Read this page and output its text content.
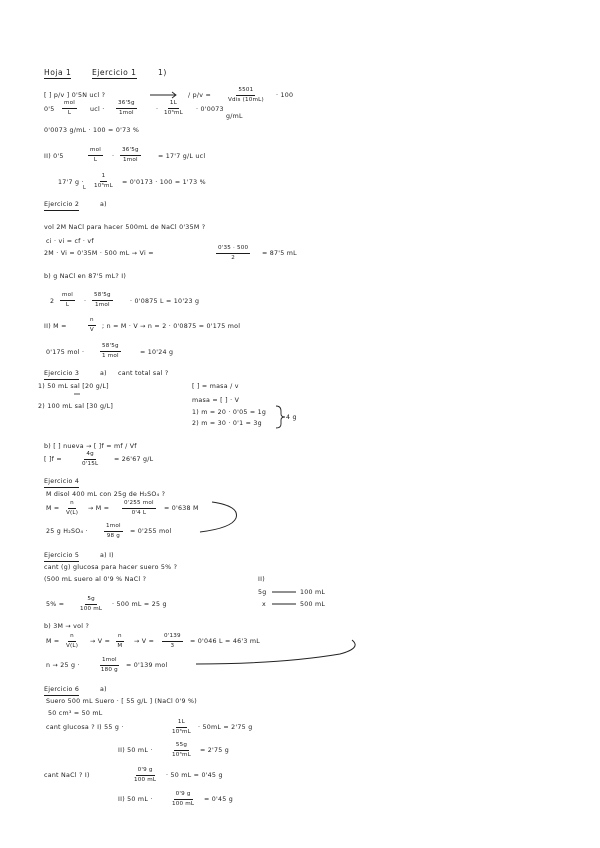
Hoja 1	Ejercicio 1	1)
[ ] p/v ] 0'5N ucl ?	/ p/v =
5501
Vdis (10mL)
· 100
0'5
mol
L	ucl ·
36'5g
1mol	·
1L
10³mL · 0'0073
g/mL
0'0073 g/mL · 100 = 0'73 %
II) 0'5
mol
L ·
36'5g
1mol	= 17'7 g/L ucl
17'7 g ·
1
10³mL
L
= 0'0173 · 100 = 1'73 %
Ejercicio 2	a)
vol 2M NaCl para hacer 500mL de NaCl 0'35M ?
ci · vi = cf · vf
2M · Vi = 0'35M · 500 mL → Vi =
0'35 · 500
2
= 87'5 mL
b) g NaCl en 87'5 mL? I)
2
mol
L ·
58'5g
1mol	· 0'0875 L = 10'23 g
II) M =
n
V ; n = M · V → n = 2 · 0'0875 = 0'175 mol
0'175 mol ·
58'5g
1 mol	= 10'24 g
Ejercicio 3	a) cant total sal ?
1) 50 mL sal [20 g/L]	[ ] = masa / v
2) 100 mL sal [30 g/L]
masa = [ ] · V
1) m = 20 · 0'05 = 1g
2) m = 30 · 0'1 = 3g
4 g
b) [ ] nueva → [ ]f = mf / Vf
[ ]f =
4g
0'15L
= 26'67 g/L
Ejercicio 4
M disol 400 mL con 25g de H₂SO₄ ?
M =
n
V(L)
→ M =
0'255 mol
0'4 L
= 0'638 M
25 g H₂SO₄ ·
1mol
98 g
= 0'255 mol
Ejercicio 5	a) I)
cant (g) glucosa para hacer suero 5% ?
(500 mL suero al 0'9 % NaCl ?	II)
5g	100 mL
x	500 mL
5% =
5g
100 mL
· 500 mL = 25 g
b) 3M → vol ?
M =
n
V(L)
→ V =
n
M
→ V =
0'139
3
= 0'046 L = 46'3 mL
n → 25 g ·
1mol
180 g
= 0'139 mol
Ejercicio 6	a)
Suero 500 mL Suero · [ 55 g/L ] (NaCl 0'9 %)
50 cm³ = 50 mL
cant glucosa ? I) 55 g ·
1L
10³mL
· 50mL = 2'75 g
II) 50 mL ·
55g
10³mL
= 2'75 g
cant NaCl ? I)
0'9 g
100 mL
· 50 mL = 0'45 g
II) 50 mL ·
0'9 g
100 mL
= 0'45 g
